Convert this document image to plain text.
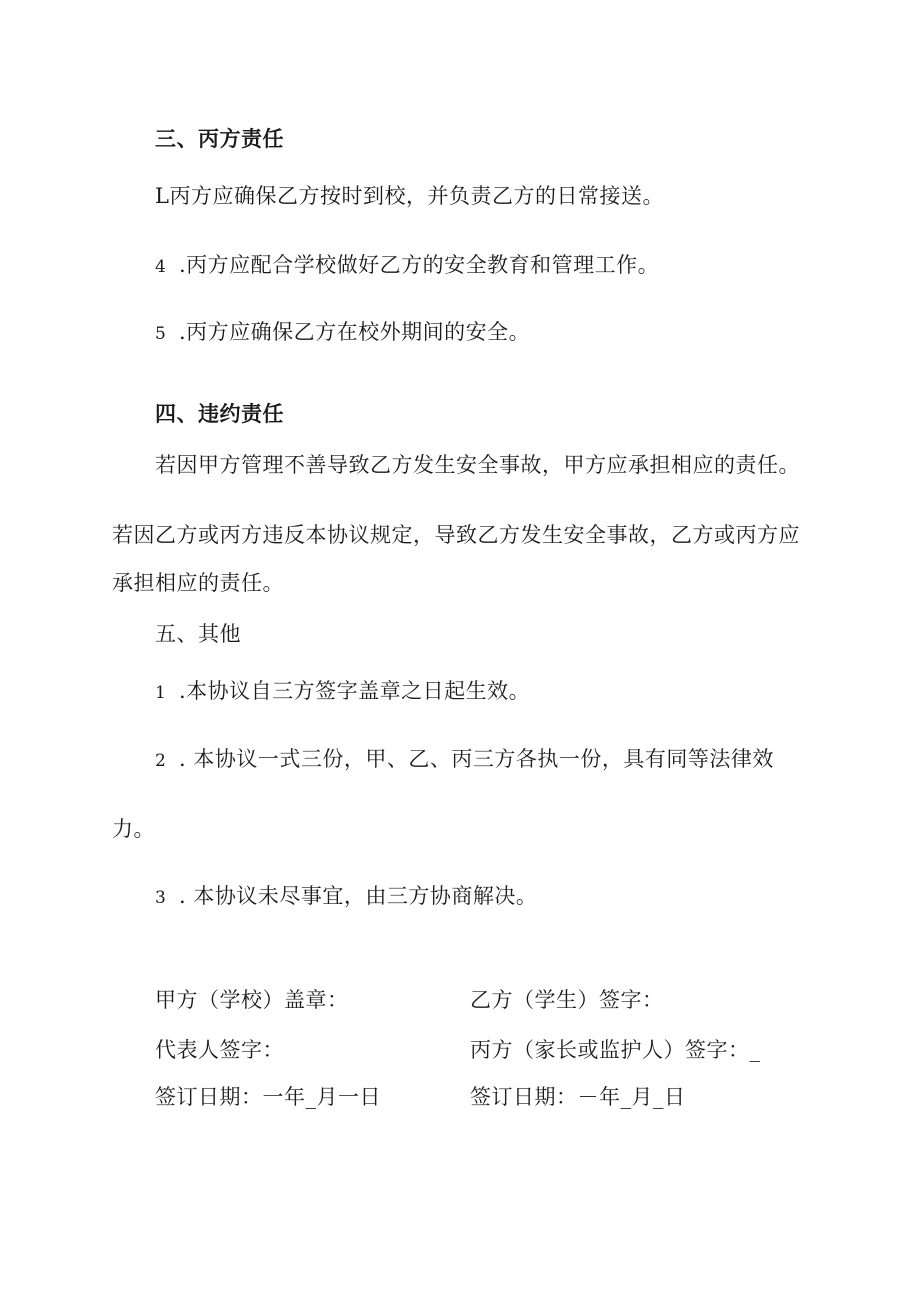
三、丙方责任
L丙方应确保乙方按时到校，并负责乙方的日常接送。
4 .丙方应配合学校做好乙方的安全教育和管理工作。
5 .丙方应确保乙方在校外期间的安全。
四、违约责任
若因甲方管理不善导致乙方发生安全事故，甲方应承担相应的责任。
若因乙方或丙方违反本协议规定，导致乙方发生安全事故，乙方或丙方应
承担相应的责任。
五、其他
1 .本协议自三方签字盖章之日起生效。
2 . 本协议一式三份，甲、乙、丙三方各执一份，具有同等法律效
力。
3 . 本协议未尽事宜，由三方协商解决。
甲方（学校）盖章：	乙方（学生）签字：
代表人签字：	丙方（家长或监护人）签字：_
签订日期：一年_月一日	签订日期：－年_月_日
